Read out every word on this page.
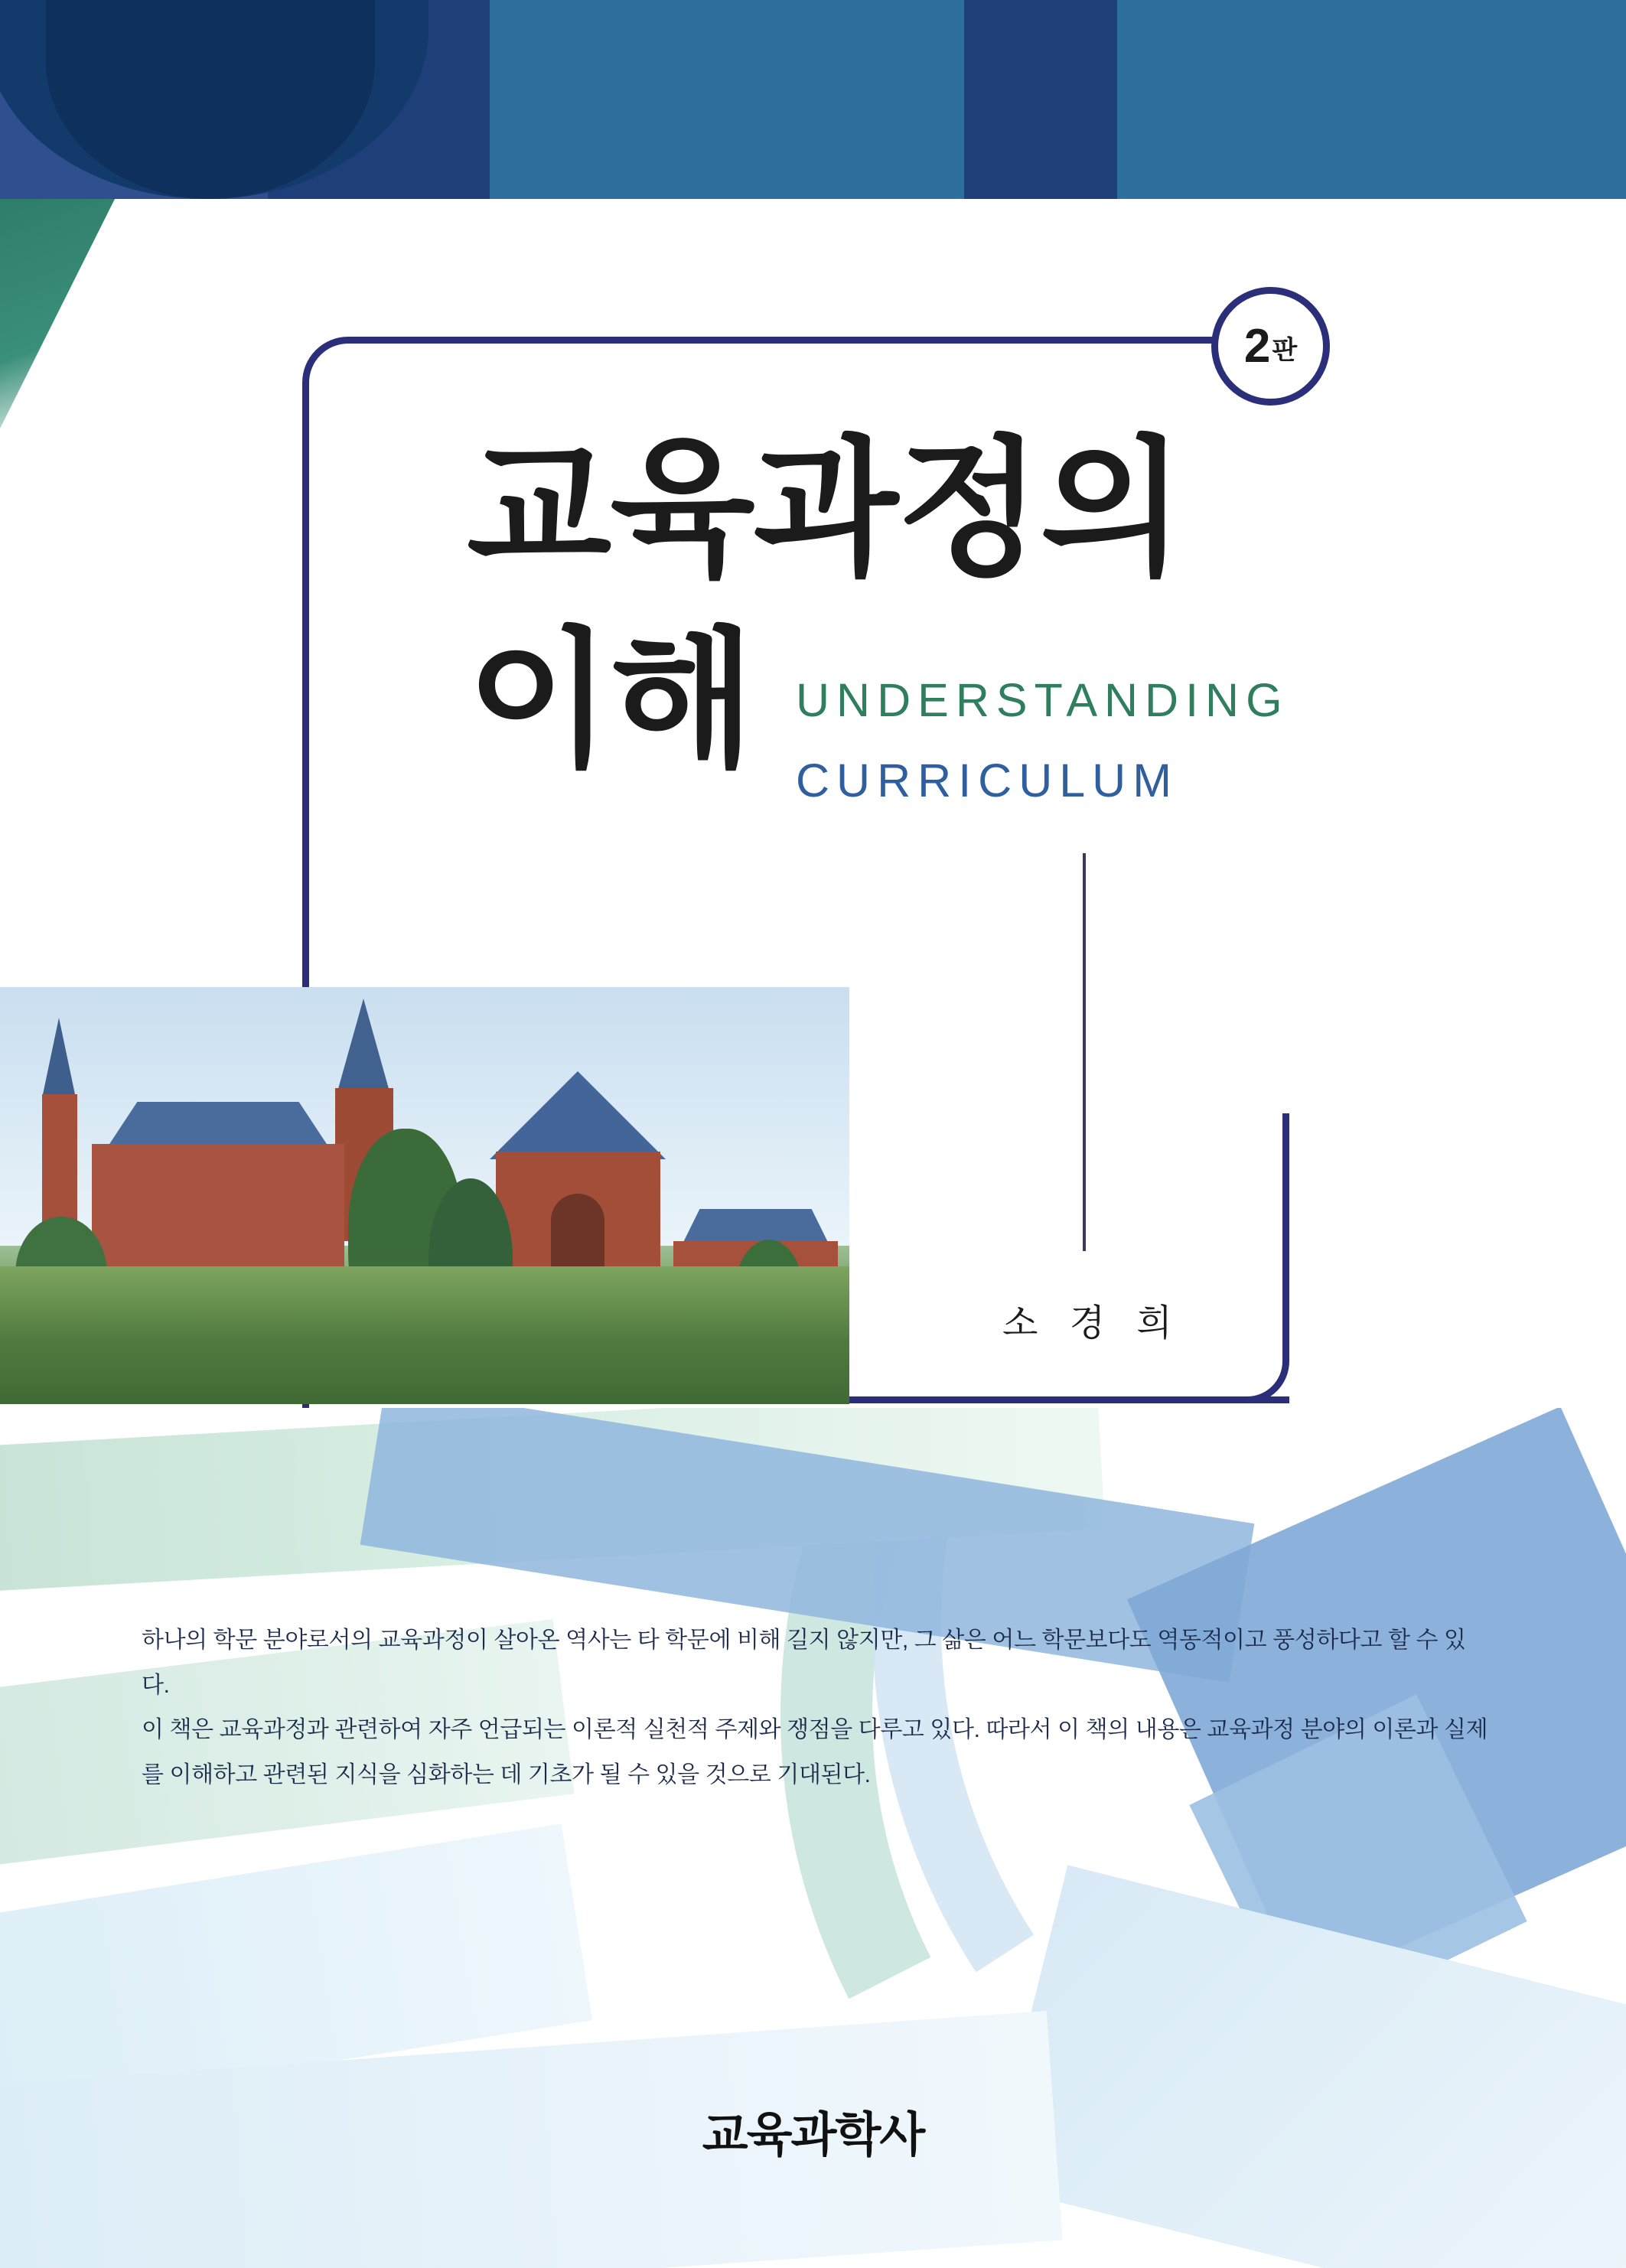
2 판
교육과정의
이해 UNDERSTANDING
CURRICULUM
소 경 희

하나의 학문 분야로서의 교육과정이 살아온 역사는 타 학문에 비해 길지 않지만, 그 삶은 어느 학문보다도 역동적이고 풍성하다고 할 수 있다.

이 책은 교육과정과 관련하여 자주 언급되는 이론적 실천적 주제와 쟁점을 다루고 있다. 따라서 이 책의 내용은 교육과정 분야의 이론과 실제

를 이해하고 관련된 지식을 심화하는 데 기초가 될 수 있을 것으로 기대된다.

교육과학사
